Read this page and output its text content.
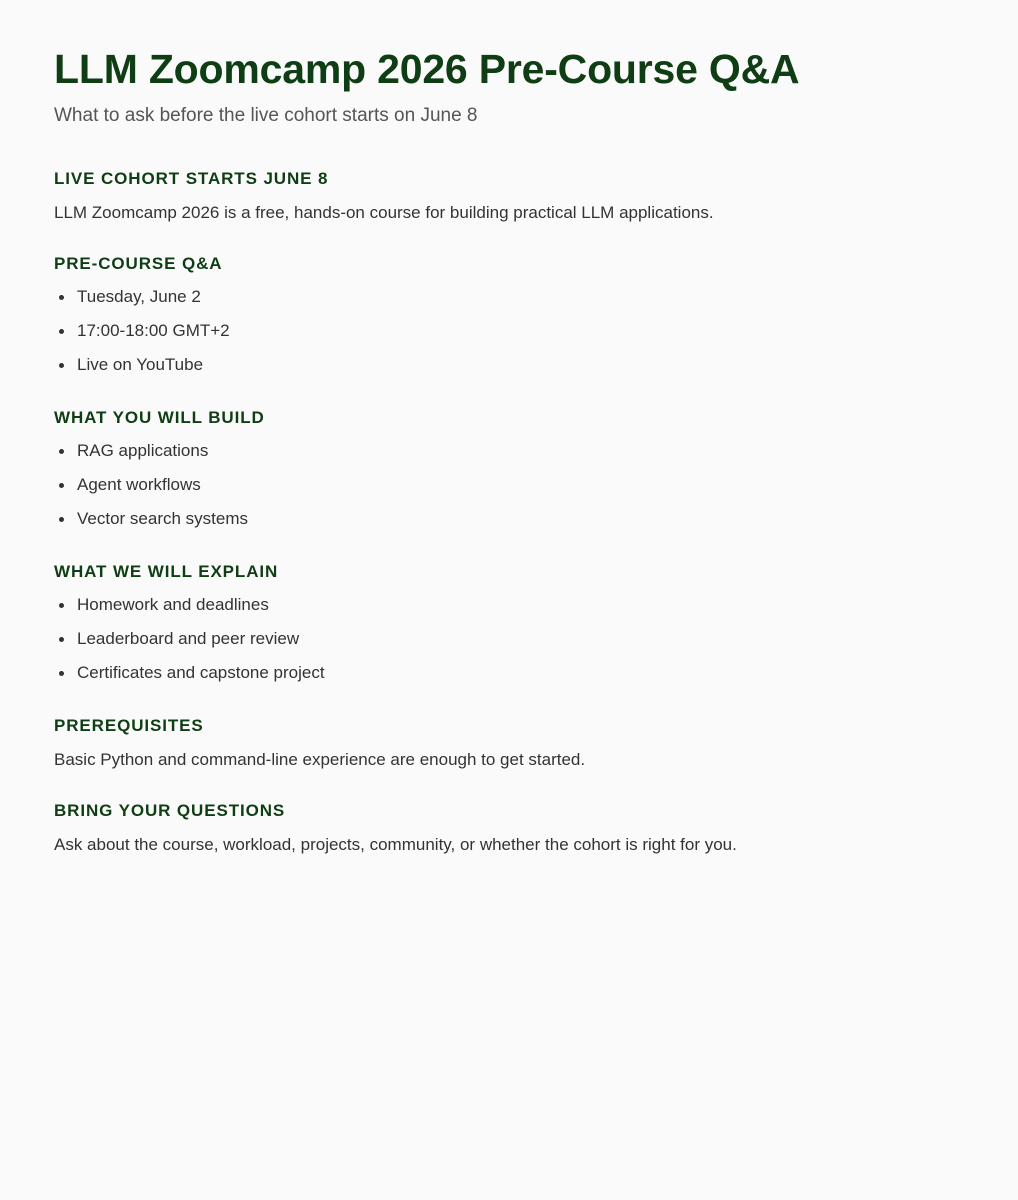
LLM Zoomcamp 2026 Pre-Course Q&A

What to ask before the live cohort starts on June 8

LIVE COHORT STARTS JUNE 8

LLM Zoomcamp 2026 is a free, hands-on course for building practical LLM applications.

PRE-COURSE Q&A
Tuesday, June 2
17:00-18:00 GMT+2
Live on YouTube
WHAT YOU WILL BUILD
RAG applications
Agent workflows
Vector search systems
WHAT WE WILL EXPLAIN
Homework and deadlines
Leaderboard and peer review
Certificates and capstone project
PREREQUISITES

Basic Python and command-line experience are enough to get started.

BRING YOUR QUESTIONS

Ask about the course, workload, projects, community, or whether the cohort is right for you.
